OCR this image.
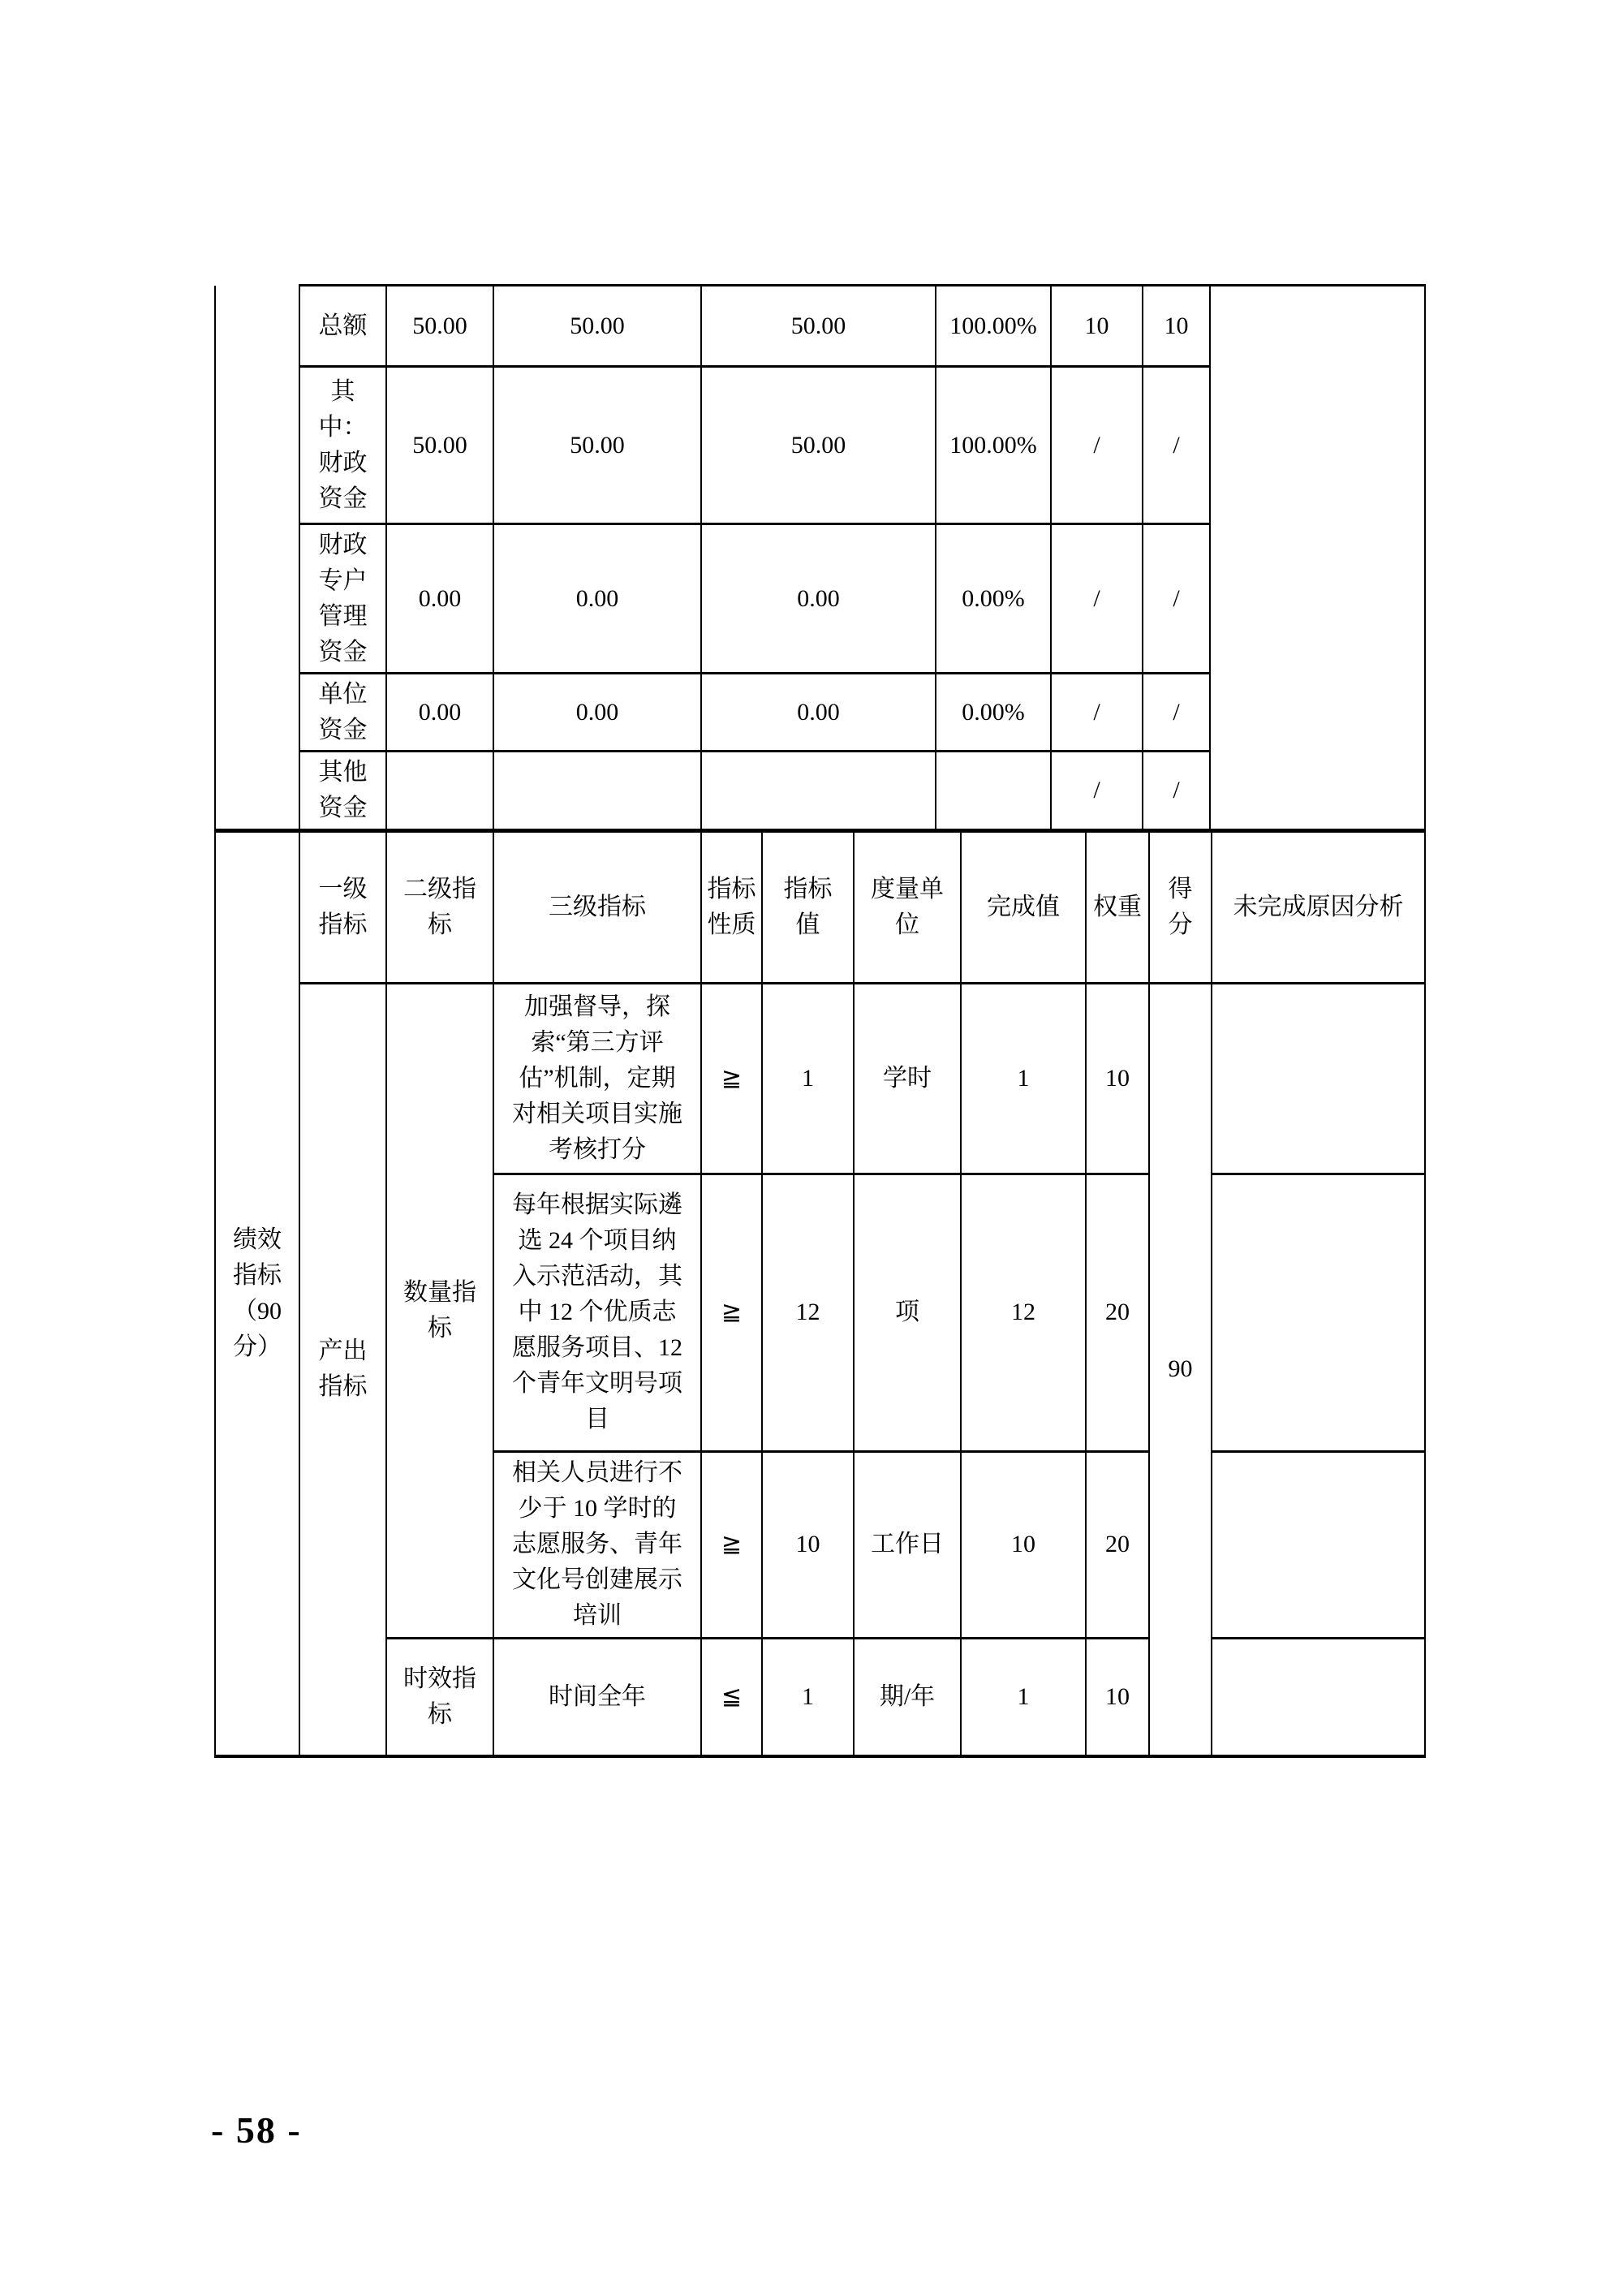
	总额	50.00	50.00	50.00	100.00%	10	10	
	其中：财政资金	50.00	50.00	50.00	100.00%	/	/	
	财政专户管理资金	0.00	0.00	0.00	0.00%	/	/	
	单位资金	0.00	0.00	0.00	0.00%	/	/	
	其他资金					/	/	
绩效指标（90 分）	一级指标	二级指标	三级指标	指标性质	指标值	度量单位	完成值	权重	得分	未完成原因分析
	产出指标	数量指标	加强督导，探索“第三方评估”机制，定期对相关项目实施考核打分	≧	1	学时	1	10	90	
			每年根据实际遴选 24 个项目纳入示范活动，其中 12 个优质志愿服务项目、12 个青年文明号项目	≧	12	项	12	20		
			相关人员进行不少于 10 学时的志愿服务、青年文化号创建展示培训	≧	10	工作日	10	20		
		时效指标	时间全年	≦	1	期/年	1	10		
- 58 -
